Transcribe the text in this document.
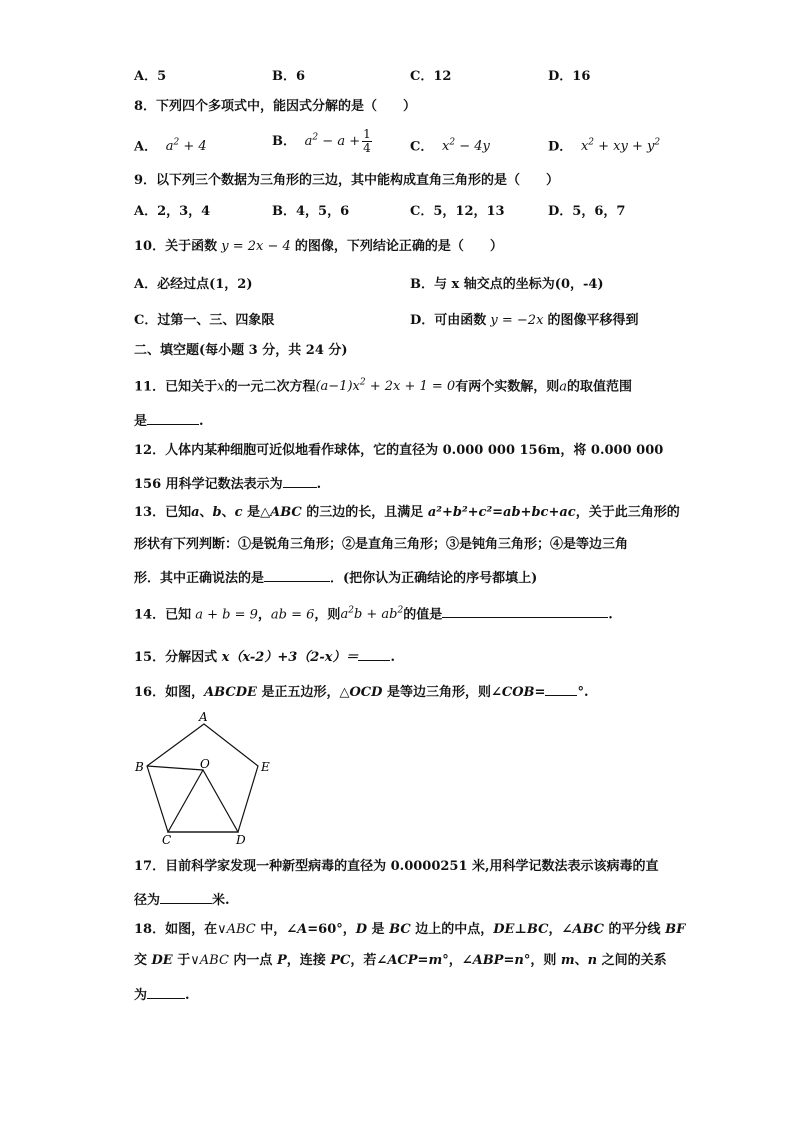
A．5	B．6	C．12	D．16
8．下列四个多项式中，能因式分解的是（　　）
A．  $a^2 + 4$	B．  $a^2 - a + \frac{1}{4}$	C．  $x^2 - 4y$	D．  $x^2$ + xy + $y^2$
9．以下列三个数据为三角形的三边，其中能构成直角三角形的是（　　）
A．2，3，4	B．4，5，6	C．5，12，13	D．5，6，7
10．关于函数 y = 2x − 4 的图像，下列结论正确的是（　　）
A．必经过点(1，2)	B．与 x 轴交点的坐标为(0，-4)
C．过第一、三、四象限	D．可由函数 y = −2x 的图像平移得到
二、填空题(每小题 3 分，共 24 分)
11．已知关于x的一元二次方程$(a-1)x^2 + 2x + 1 = 0$有两个实数解，则a的取值范围
是	.
12．人体内某种细胞可近似地看作球体，它的直径为 0.000 000 156m，将 0.000 000
156 用科学记数法表示为	.
13．已知a、b、c 是△ABC 的三边的长，且满足 a²+b²+c²=ab+bc+ac，关于此三角形的
形状有下列判断：①是锐角三角形；②是直角三角形；③是钝角三角形；④是等边三角
形．其中正确说法的是	．(把你认为正确结论的序号都填上)
14．已知 a + b = 9，ab = 6，则$a^2b + ab^2$的值是	.
15．分解因式 x（x-2）+3（2-x）＝ .
16．如图，ABCDE 是正五边形，△OCD 是等边三角形，则∠COB= °.
A
B	O	E
C	D
17．目前科学家发现一种新型病毒的直径为 0.0000251 米,用科学记数法表示该病毒的直
径为	米.
18．如图，在∨ABC 中，∠A=60°，D 是 BC 边上的中点，DE⊥BC，∠ABC 的平分线 BF
交 DE 于∨ABC 内一点 P，连接 PC，若∠ACP=m°，∠ABP=n°，则 m、n 之间的关系
为	.
